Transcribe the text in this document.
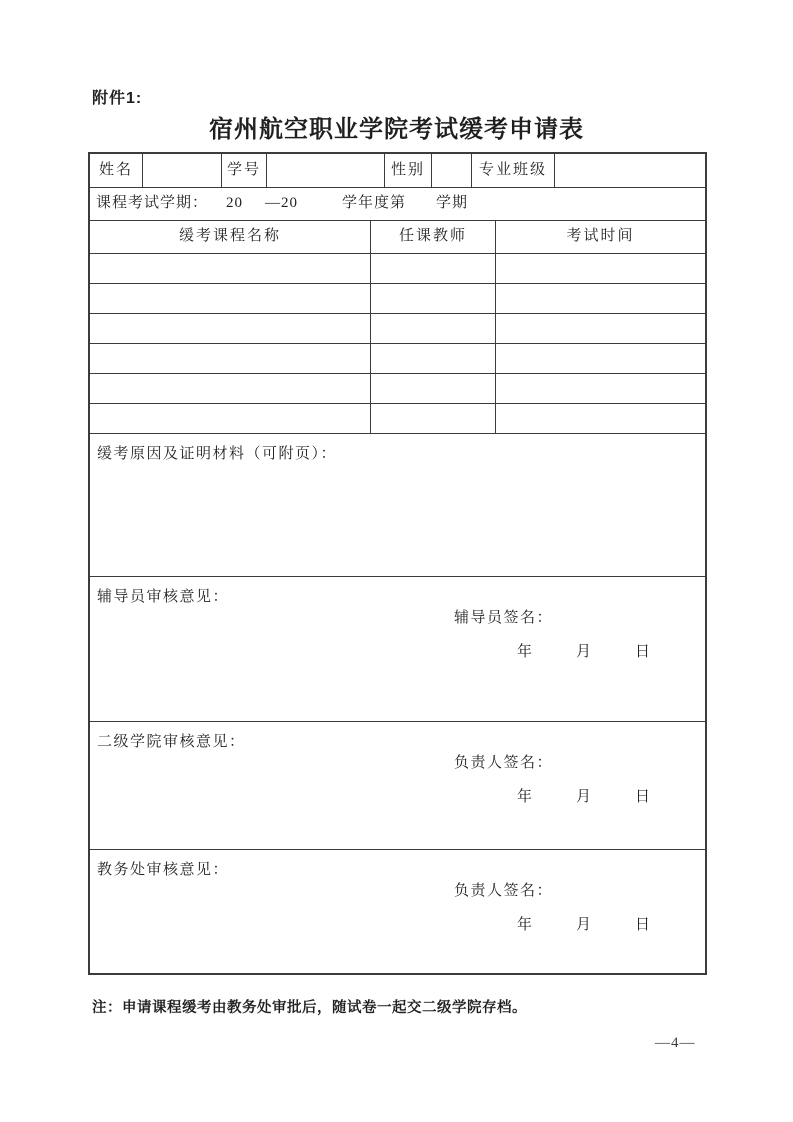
附件1:
宿州航空职业学院考试缓考申请表
姓名	学号	性别	专业班级
课程考试学期： 20 —20	学年度第 学期
缓考课程名称	任课教师	考试时间
缓考原因及证明材料（可附页）：
辅导员审核意见：
辅导员签名：
年	月	日
二级学院审核意见：
负责人签名：
年	月	日
教务处审核意见：
负责人签名：
年	月	日
注：申请课程缓考由教务处审批后，随试卷一起交二级学院存档。
—4—
